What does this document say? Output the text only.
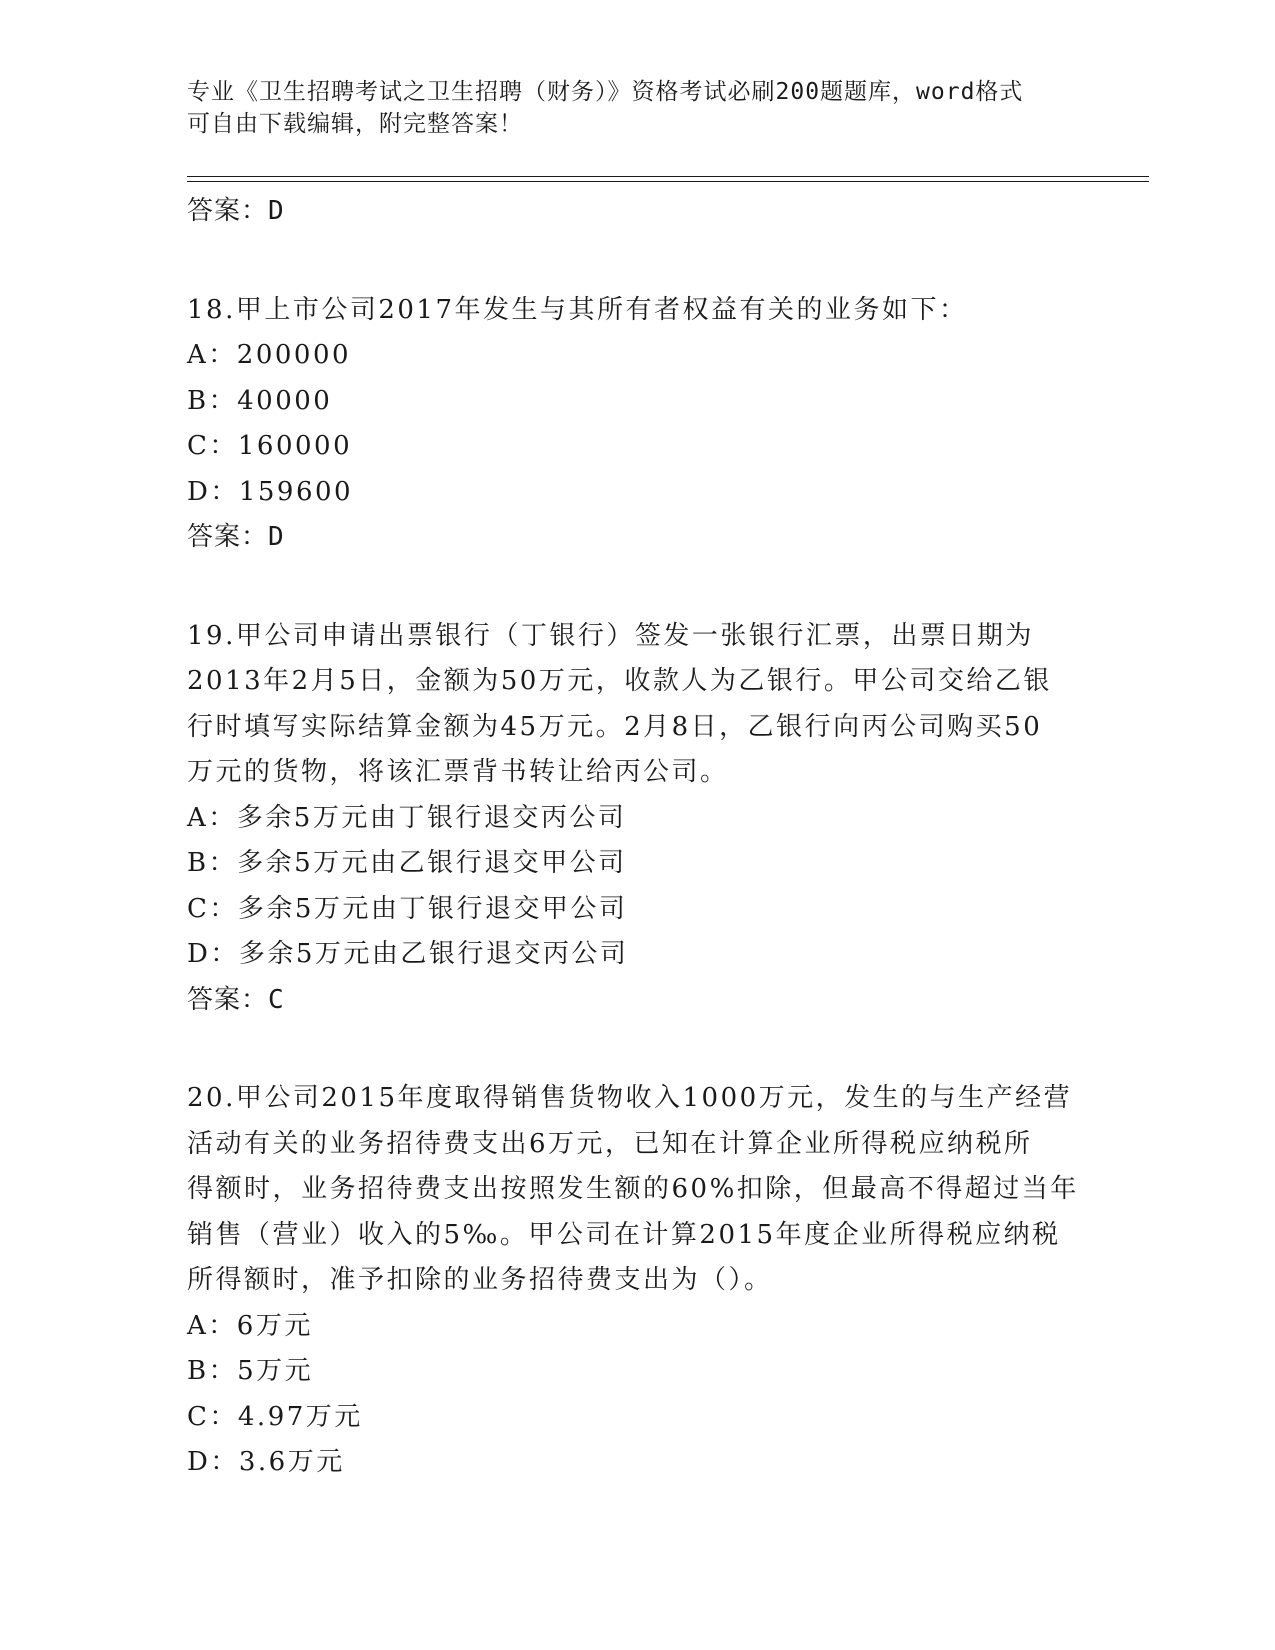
专业《卫生招聘考试之卫生招聘（财务）》资格考试必刷200题题库，word格式
可自由下载编辑，附完整答案！
答案：D
18.甲上市公司2017年发生与其所有者权益有关的业务如下：
A：200000
B：40000
C：160000
D：159600
答案：D
19.甲公司申请出票银行（丁银行）签发一张银行汇票，出票日期为
2013年2月5日，金额为50万元，收款人为乙银行。甲公司交给乙银
行时填写实际结算金额为45万元。2月8日，乙银行向丙公司购买50
万元的货物，将该汇票背书转让给丙公司。
A：多余5万元由丁银行退交丙公司
B：多余5万元由乙银行退交甲公司
C：多余5万元由丁银行退交甲公司
D：多余5万元由乙银行退交丙公司
答案：C
20.甲公司2015年度取得销售货物收入1000万元，发生的与生产经营
活动有关的业务招待费支出6万元，已知在计算企业所得税应纳税所
得额时，业务招待费支出按照发生额的60%扣除，但最高不得超过当年
销售（营业）收入的5‰。甲公司在计算2015年度企业所得税应纳税
所得额时，准予扣除的业务招待费支出为（）。
A：6万元
B：5万元
C：4.97万元
D：3.6万元
